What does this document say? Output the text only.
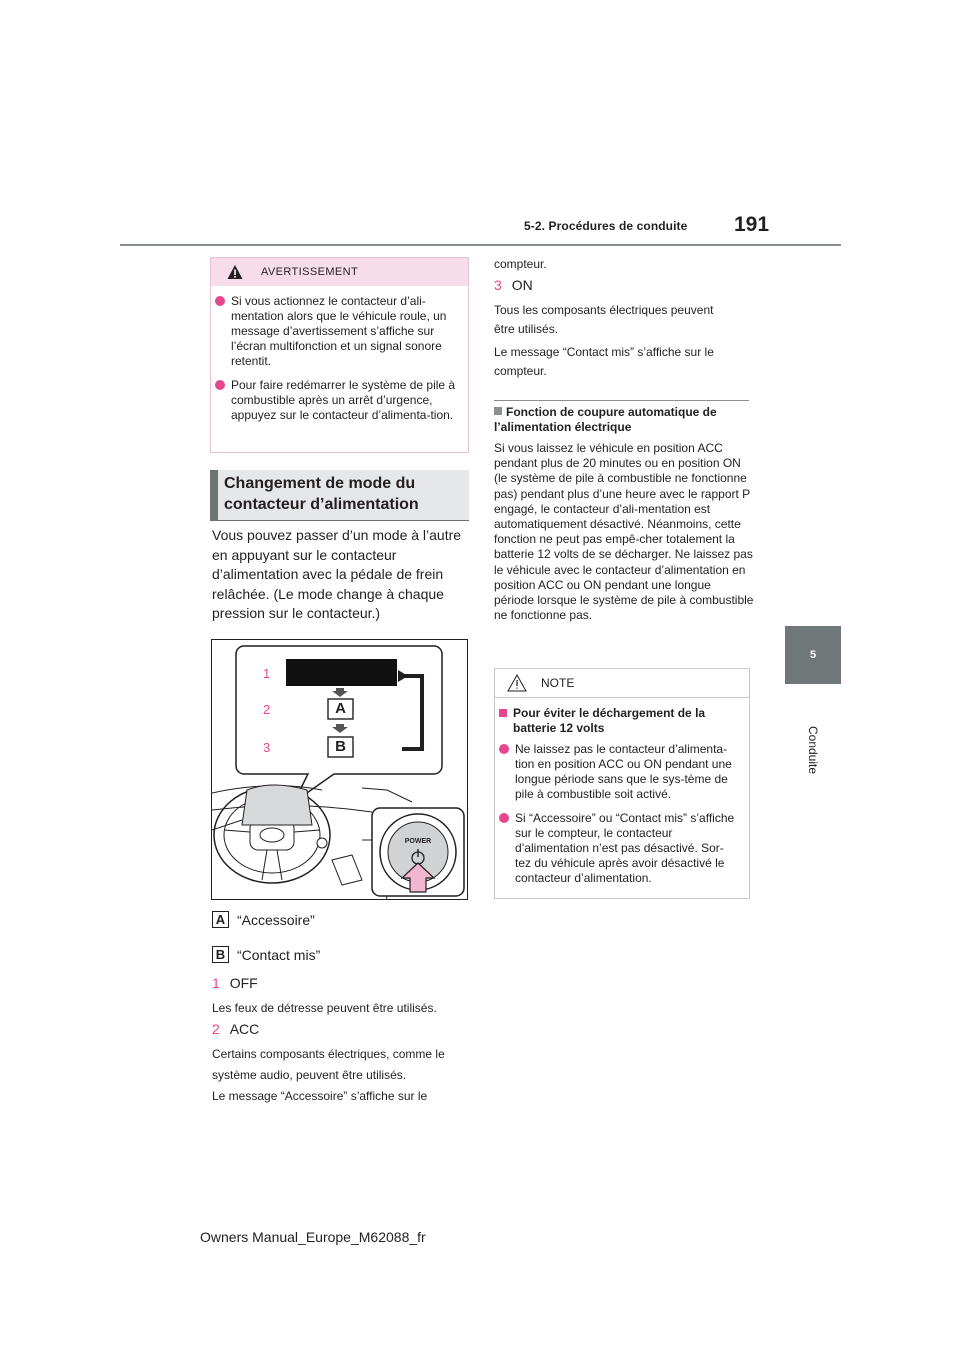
5-2. Procédures de conduite 191
5
Conduite
AVERTISSEMENT
Si vous actionnez le contacteur d’ali-mentation alors que le véhicule roule, un message d’avertissement s’affiche sur l’écran multifonction et un signal sonore retentit.
Pour faire redémarrer le système de pile à combustible après un arrêt d’urgence, appuyez sur le contacteur d’alimenta-tion.
Changement de mode du
contacteur d’alimentation
Vous pouvez passer d’un mode à l’autre en appuyant sur le contacteur d’alimentation avec la pédale de frein relâchée. (Le mode change à chaque pression sur le contacteur.)
1
2
3
A
B
POWER
A “Accessoire”
B “Contact mis”
1 OFF
Les feux de détresse peuvent être utilisés.
2 ACC
Certains composants électriques, comme le
système audio, peuvent être utilisés.
Le message “Accessoire” s’affiche sur le
compteur.
3 ON
Tous les composants électriques peuvent
être utilisés.
Le message “Contact mis” s’affiche sur le
compteur.
Fonction de coupure automatique de l’alimentation électrique
Si vous laissez le véhicule en position ACC pendant plus de 20 minutes ou en position ON (le système de pile à combustible ne fonctionne pas) pendant plus d’une heure avec le rapport P engagé, le contacteur d’ali-mentation est automatiquement désactivé. Néanmoins, cette fonction ne peut pas empê-cher totalement la batterie 12 volts de se décharger. Ne laissez pas le véhicule avec le contacteur d’alimentation en position ACC ou ON pendant une longue période lorsque le système de pile à combustible ne fonctionne pas.
NOTE
Pour éviter le déchargement de la batterie 12 volts
Ne laissez pas le contacteur d’alimenta-tion en position ACC ou ON pendant une longue période sans que le sys-tème de pile à combustible soit activé.
Si “Accessoire” ou “Contact mis” s’affiche sur le compteur, le contacteur d’alimentation n’est pas désactivé. Sor-tez du véhicule après avoir désactivé le contacteur d’alimentation.
Owners Manual_Europe_M62088_fr
